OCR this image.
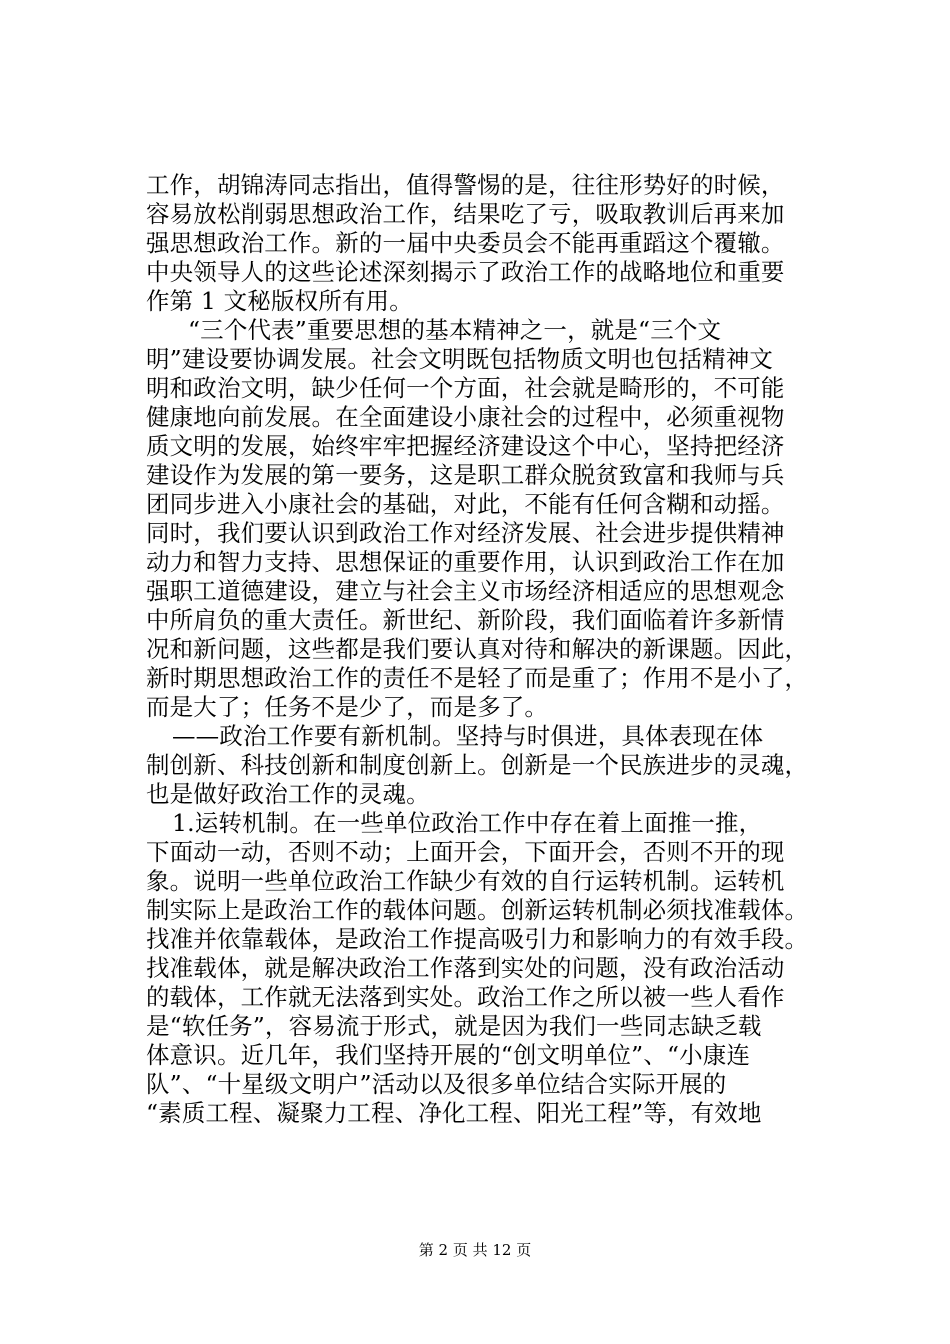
工作，胡锦涛同志指出，值得警惕的是，往往形势好的时候，
容易放松削弱思想政治工作，结果吃了亏，吸取教训后再来加
强思想政治工作。新的一届中央委员会不能再重蹈这个覆辙。
中央领导人的这些论述深刻揭示了政治工作的战略地位和重要
作第 1 文秘版权所有用。
“三个代表”重要思想的基本精神之一，就是“三个文
明”建设要协调发展。社会文明既包括物质文明也包括精神文
明和政治文明，缺少任何一个方面，社会就是畸形的，不可能
健康地向前发展。在全面建设小康社会的过程中，必须重视物
质文明的发展，始终牢牢把握经济建设这个中心，坚持把经济
建设作为发展的第一要务，这是职工群众脱贫致富和我师与兵
团同步进入小康社会的基础，对此，不能有任何含糊和动摇。
同时，我们要认识到政治工作对经济发展、社会进步提供精神
动力和智力支持、思想保证的重要作用，认识到政治工作在加
强职工道德建设，建立与社会主义市场经济相适应的思想观念
中所肩负的重大责任。新世纪、新阶段，我们面临着许多新情
况和新问题，这些都是我们要认真对待和解决的新课题。因此，
新时期思想政治工作的责任不是轻了而是重了；作用不是小了，
而是大了；任务不是少了，而是多了。
——政治工作要有新机制。坚持与时俱进，具体表现在体
制创新、科技创新和制度创新上。创新是一个民族进步的灵魂，
也是做好政治工作的灵魂。
1.运转机制。在一些单位政治工作中存在着上面推一推，
下面动一动，否则不动；上面开会，下面开会，否则不开的现
象。说明一些单位政治工作缺少有效的自行运转机制。运转机
制实际上是政治工作的载体问题。创新运转机制必须找准载体。
找准并依靠载体，是政治工作提高吸引力和影响力的有效手段。
找准载体，就是解决政治工作落到实处的问题，没有政治活动
的载体，工作就无法落到实处。政治工作之所以被一些人看作
是“软任务”，容易流于形式，就是因为我们一些同志缺乏载
体意识。近几年，我们坚持开展的“创文明单位”、“小康连
队”、“十星级文明户”活动以及很多单位结合实际开展的
“素质工程、凝聚力工程、净化工程、阳光工程”等，有效地
第 2 页 共 12 页
